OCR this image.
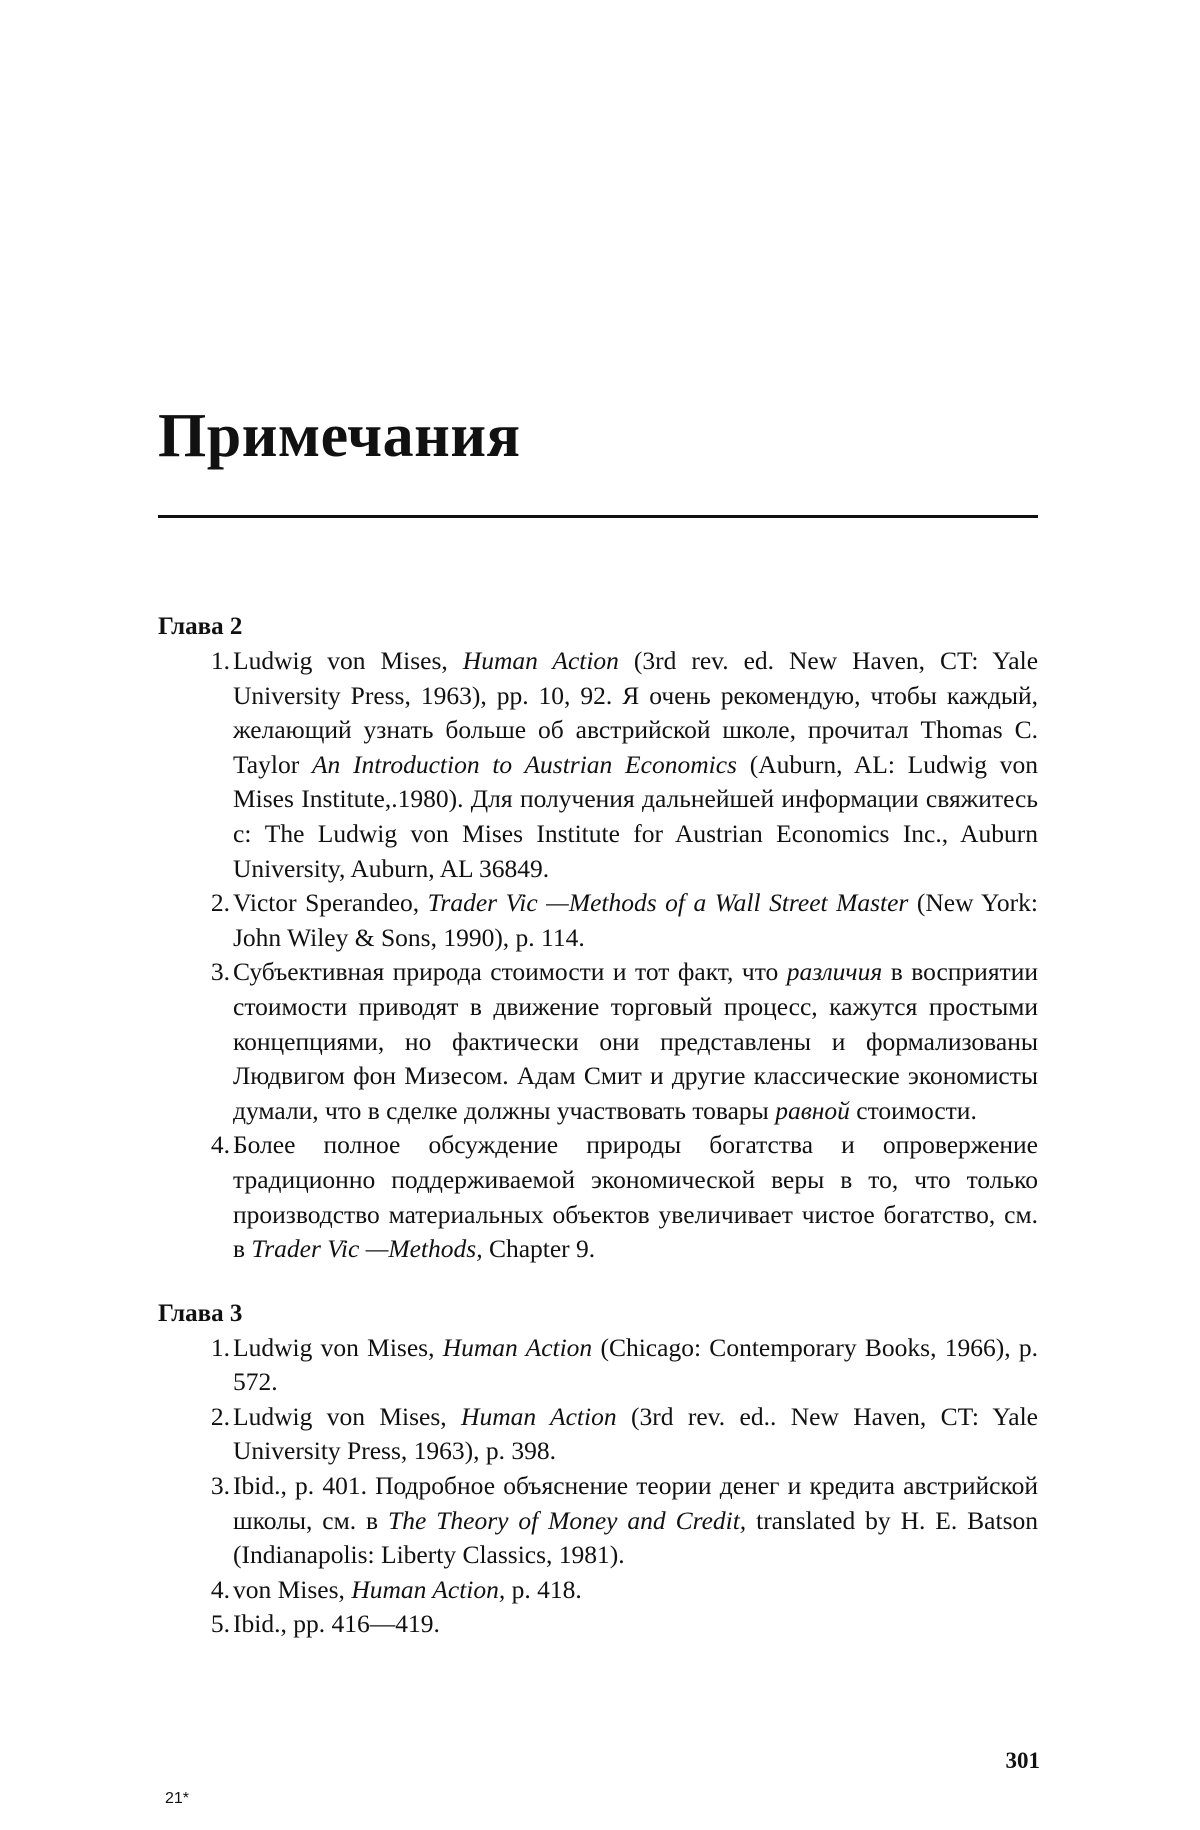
Примечания
Глава 2
1. Ludwig von Mises, Human Action (3rd rev. ed. New Haven, CT: Yale University Press, 1963), pp. 10, 92. Я очень рекомендую, чтобы каждый, желающий узнать больше об австрийской школе, прочитал Thomas C. Taylor An Introduction to Austrian Economics (Auburn, AL: Ludwig von Mises Institute,.1980). Для получения дальнейшей информации свяжитесь с: The Ludwig von Mises Institute for Austrian Economics Inc., Auburn University, Auburn, AL 36849.
2. Victor Sperandeo, Trader Vic —Methods of a Wall Street Master (New York: John Wiley & Sons, 1990), p. 114.
3. Субъективная природа стоимости и тот факт, что различия в восприятии стоимости приводят в движение торговый процесс, кажутся простыми концепциями, но фактически они представлены и формализованы Людвигом фон Мизесом. Адам Смит и другие классические экономисты думали, что в сделке должны участвовать товары равной стоимости.
4. Более полное обсуждение природы богатства и опровержение традиционно поддерживаемой экономической веры в то, что только производство материальных объектов увеличивает чистое богатство, см. в Trader Vic —Methods, Chapter 9.
Глава 3
1. Ludwig von Mises, Human Action (Chicago: Contemporary Books, 1966), p. 572.
2. Ludwig von Mises, Human Action (3rd rev. ed.. New Haven, CT: Yale University Press, 1963), p. 398.
3. Ibid., p. 401. Подробное объяснение теории денег и кредита австрийской школы, см. в The Theory of Money and Credit, translated by H. E. Batson (Indianapolis: Liberty Classics, 1981).
4. von Mises, Human Action, p. 418.
5. Ibid., pp. 416—419.
301
21*
